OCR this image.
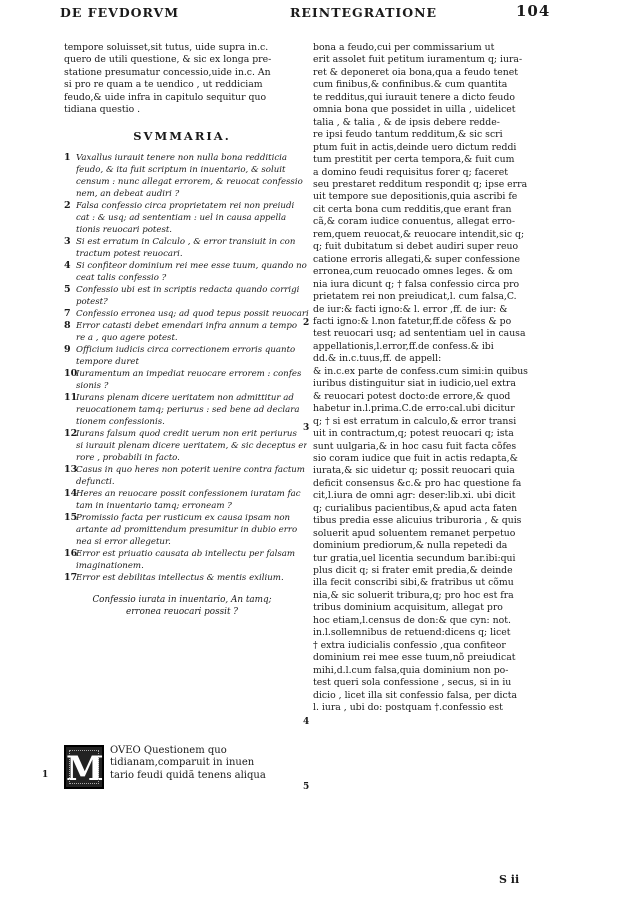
DE FEVDORVM	REINTEGRATIONE	104

tempore soluisset,sit tutus, uide supra in.c.

quero de utili questione, & sic ex longa pre-

statione presumatur concessio,uide in.c. An

si pro re quam a te uendico , ut reddiciam

feudo,& uide infra in capitulo sequitur quo

tidiana questio .

SVMMARIA.

1 Vaxallus iurauit tenere non nulla bona redditicia
feudo, & ita fuit scriptum in inuentario, & soluit
censum : nunc allegat errorem, & reuocat confessio
nem, an debeat audiri ?
2 Falsa confessio circa proprietatem rei non preiudi
cat : & usq; ad sententiam : uel in causa appella
tionis reuocari potest.
3 Si est erratum in Calculo , & error transiuit in con
tractum potest reuocari.
4 Si confiteor dominium rei mee esse tuum, quando no
ceat talis confessio ?
5 Confessio ubi est in scriptis redacta quando corrigi
potest?
7 Confessio erronea usq; ad quod tepus possit reuocari
8 Error catasti debet emendari infra annum a tempo
re a , quo agere potest.
9 Officium iudicis circa correctionem erroris quanto
tempore duret
10
Iuramentum an impediat reuocare errorem : confes
sionis ?
11
Iurans plenam dicere ueritatem non admittitur ad
reuocationem tamq; periurus : sed bene ad declara
tionem confessionis.
12
Iurans falsum quod credit uerum non erit periurus
si iurauit plenam dicere ueritatem, & sic deceptus er
rore , probabili in facto.
13
Casus in quo heres non poterit uenire contra factum
defuncti.
14
Heres an reuocare possit confessionem iuratam fac
tam in inuentario tamq; erroneam ?
15
Promissio facta per rusticum ex causa ipsam non
artante ad promittendum presumitur in dubio erro
nea si error allegetur.
16
Error est priuatio causata ab intellectu per falsam
imaginationem.
17
Error est debilitas intellectus & mentis exilium.

Confessio iurata in inuentario, An tamq;

erronea reuocari possit ?

M OVEO Questionem quo

tidianam,comparuit in inuen

tario feudi quidã tenens aliqua

1

bona a feudo,cui per commissarium ut

erit assolet fuit petitum iuramentum q; iura-

ret & deponeret oia bona,qua a feudo tenet

cum finibus,& confinibus.& cum quantita

te redditus,qui iurauit tenere a dicto feudo

omnia bona que possidet in uilla , uidelicet

talia , & talia , & de ipsis debere redde-

re ipsi feudo tantum redditum,& sic scri

ptum fuit in actis,deinde uero dictum reddi

tum prestitit per certa tempora,& fuit cum

a domino feudi requisitus forer q; faceret

seu prestaret redditum respondit q; ipse erra

uit tempore sue depositionis,quia ascribi fe

cit certa bona cum redditis,que erant fran

cã,& coram iudice conuentus, allegat erro-

rem,quem reuocat,& reuocare intendit,sic q;

q; fuit dubitatum si debet audiri super reuo

catione erroris allegati,& super confessione

erronea,cum reuocado omnes leges. & om

nia iura dicunt q; † falsa confessio circa pro

prietatem rei non preiudicat,l. cum falsa,C.

de iur:& facti igno:& l. error ,ff. de iur: &

facti igno:& l.non fatetur,ff.de cõfess & po

test reuocari usq; ad sententiam uel in causa

appellationis,l.error,ff.de confess.& ibi

dd.& in.c.tuus,ff. de appell:

& in.c.ex parte de confess.cum simi:in quibus

iuribus distinguitur siat in iudicio,uel extra

& reuocari potest docto:de errore,& quod

habetur in.l.prima.C.de erro:cal.ubi dicitur

q; † si est erratum in calculo,& error transi

uit in contractum,q; potest reuocari q; ista

sunt uulgaria,& in hoc casu fuit facta cõfes

sio coram iudice que fuit in actis redapta,&

iurata,& sic uidetur q; possit reuocari quia

deficit consensus &c.& pro hac questione fa

cit,l.iura de omni agr: deser:lib.xi. ubi dicit

q; curialibus pacientibus,& apud acta faten

tibus predia esse alicuius triburoria , & quis

soluerit apud soluentem remanet perpetuo

dominium prediorum,& nulla repetedi da

tur gratia,uel licentia secundum bar.ibi:qui

plus dicit q; si frater emit predia,& deinde

illa fecit conscribi sibi,& fratribus ut cõmu

nia,& sic soluerit tribura,q; pro hoc est fra

tribus dominium acquisitum, allegat pro

hoc etiam,l.census de don:& que cyn: not.

in.l.sollemnibus de retuend:dicens q; licet

† extra iudicialis confessio ,qua confiteor

dominium rei mee esse tuum,nõ preiudicat

mihi,d.l.cum falsa,quia dominium non po-

test queri sola confessione , secus, si in iu

dicio , licet illa sit confessio falsa, per dicta

l. iura , ubi do: postquam †.confessio est

2
3
4
5
S ii
